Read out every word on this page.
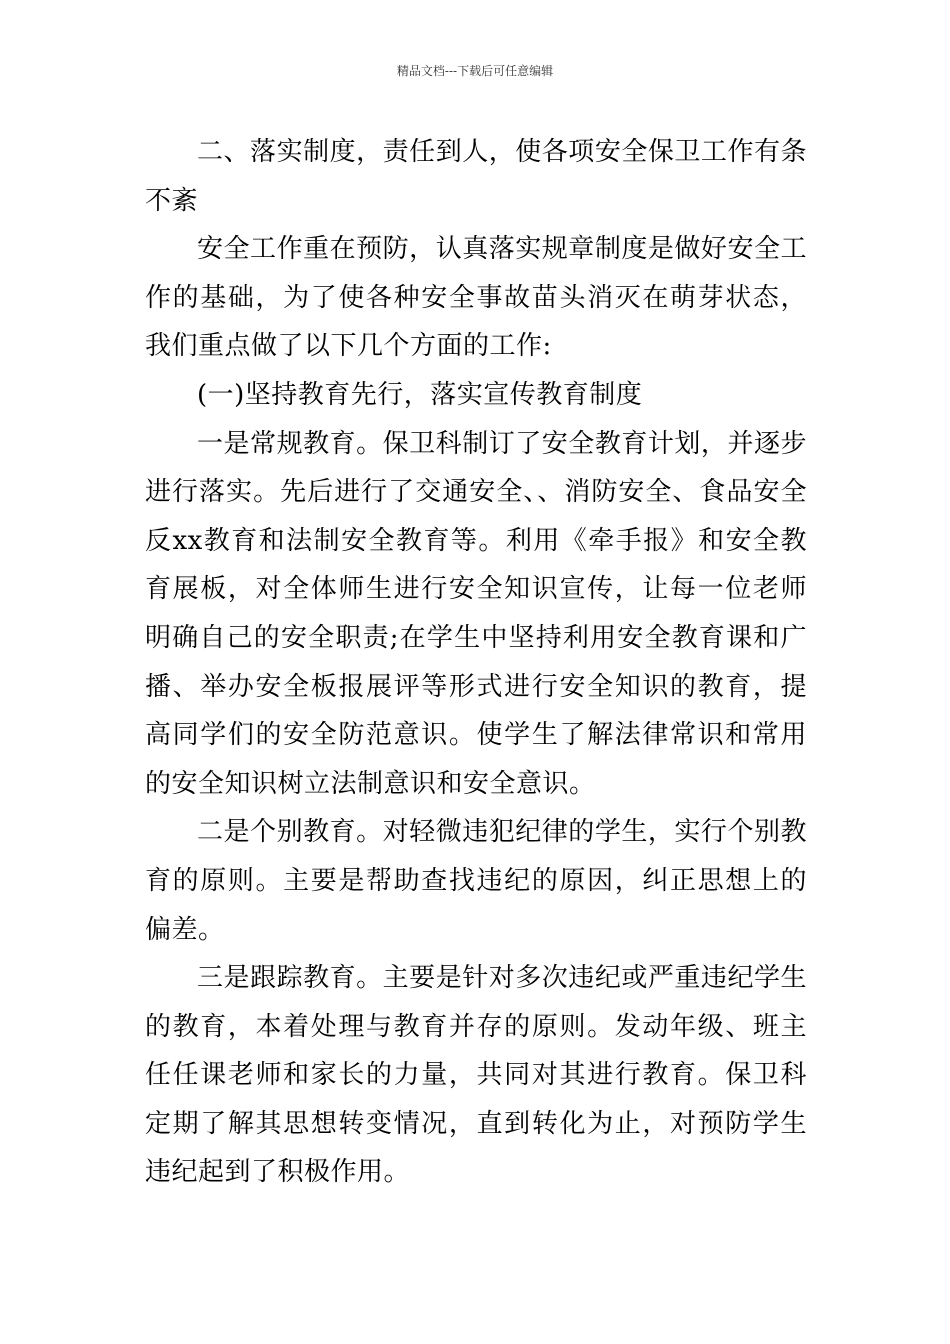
精品文档---下载后可任意编辑

二、落实制度，责任到人，使各项安全保卫工作有条不紊

安全工作重在预防，认真落实规章制度是做好安全工作的基础，为了使各种安全事故苗头消灭在萌芽状态，我们重点做了以下几个方面的工作:

(一)坚持教育先行，落实宣传教育制度

一是常规教育。保卫科制订了安全教育计划，并逐步进行落实。先后进行了交通安全、、消防安全、食品安全反xx教育和法制安全教育等。利用《牵手报》和安全教育展板，对全体师生进行安全知识宣传，让每一位老师明确自己的安全职责;在学生中坚持利用安全教育课和广播、举办安全板报展评等形式进行安全知识的教育，提高同学们的安全防范意识。使学生了解法律常识和常用的安全知识树立法制意识和安全意识。

二是个别教育。对轻微违犯纪律的学生，实行个别教育的原则。主要是帮助查找违纪的原因，纠正思想上的偏差。

三是跟踪教育。主要是针对多次违纪或严重违纪学生的教育，本着处理与教育并存的原则。发动年级、班主任任课老师和家长的力量，共同对其进行教育。保卫科定期了解其思想转变情况，直到转化为止，对预防学生违纪起到了积极作用。
